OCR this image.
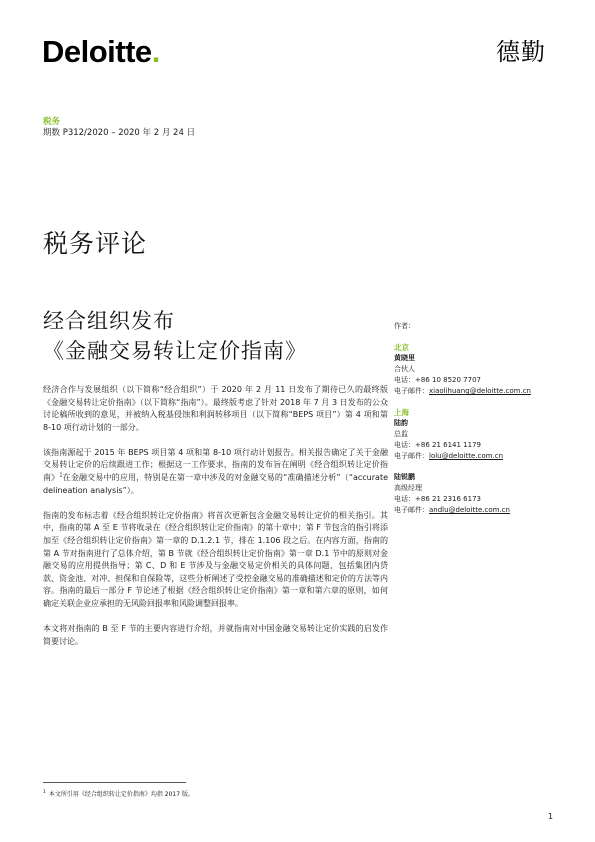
Deloitte.	德勤
税务
期数 P312/2020 – 2020 年 2 月 24 日
税务评论
经合组织发布
《金融交易转让定价指南》

经济合作与发展组织（以下简称“经合组织”）于 2020 年 2 月 11 日发布了期待已久的最终版《金融交易转让定价指南》（以下简称“指南”）。最终版考虑了针对 2018 年 7 月 3 日发布的公众讨论稿所收到的意见，并被纳入税基侵蚀和利润转移项目（以下简称“BEPS 项目”）第 4 项和第 8-10 项行动计划的一部分。

该指南源起于 2015 年 BEPS 项目第 4 项和第 8-10 项行动计划报告。相关报告确定了关于金融交易转让定价的后续跟进工作；根据这一工作要求，指南的发布旨在阐明《经合组织转让定价指南》$^1$在金融交易中的应用，特别是在第一章中涉及的对金融交易的“准确描述分析”（“accurate delineation analysis”）。

指南的发布标志着《经合组织转让定价指南》将首次更新包含金融交易转让定价的相关指引。其中，指南的第 A 至 E 节将收录在《经合组织转让定价指南》的第十章中；第 F 节包含的指引将添加至《经合组织转让定价指南》第一章的 D.1.2.1 节，排在 1.106 段之后。在内容方面，指南的第 A 节对指南进行了总体介绍，第 B 节就《经合组织转让定价指南》第一章 D.1 节中的原则对金融交易的应用提供指导；第 C、D 和 E 节涉及与金融交易定价相关的具体问题，包括集团内贷款、资金池、对冲、担保和自保险等，这些分析阐述了受控金融交易的准确描述和定价的方法等内容。指南的最后一部分 F 节论述了根据《经合组织转让定价指南》第一章和第六章的原则，如何确定关联企业应承担的无风险回报率和风险调整回报率。

本文将对指南的 B 至 F 节的主要内容进行介绍，并就指南对中国金融交易转让定价实践的启发作简要讨论。

$^1$ 本文所引用《经合组织转让定价指南》均指 2017 版。
1
作者：
北京
黄晓里
合伙人
电话：+86 10 8520 7707
电子邮件：xiaolihuang@deloitte.com.cn
上海
陆韵
总监
电话：+86 21 6141 1179
电子邮件：lolu@deloitte.com.cn
陆锐鹏
高级经理
电话：+86 21 2316 6173
电子邮件：andlu@deloitte.com.cn
